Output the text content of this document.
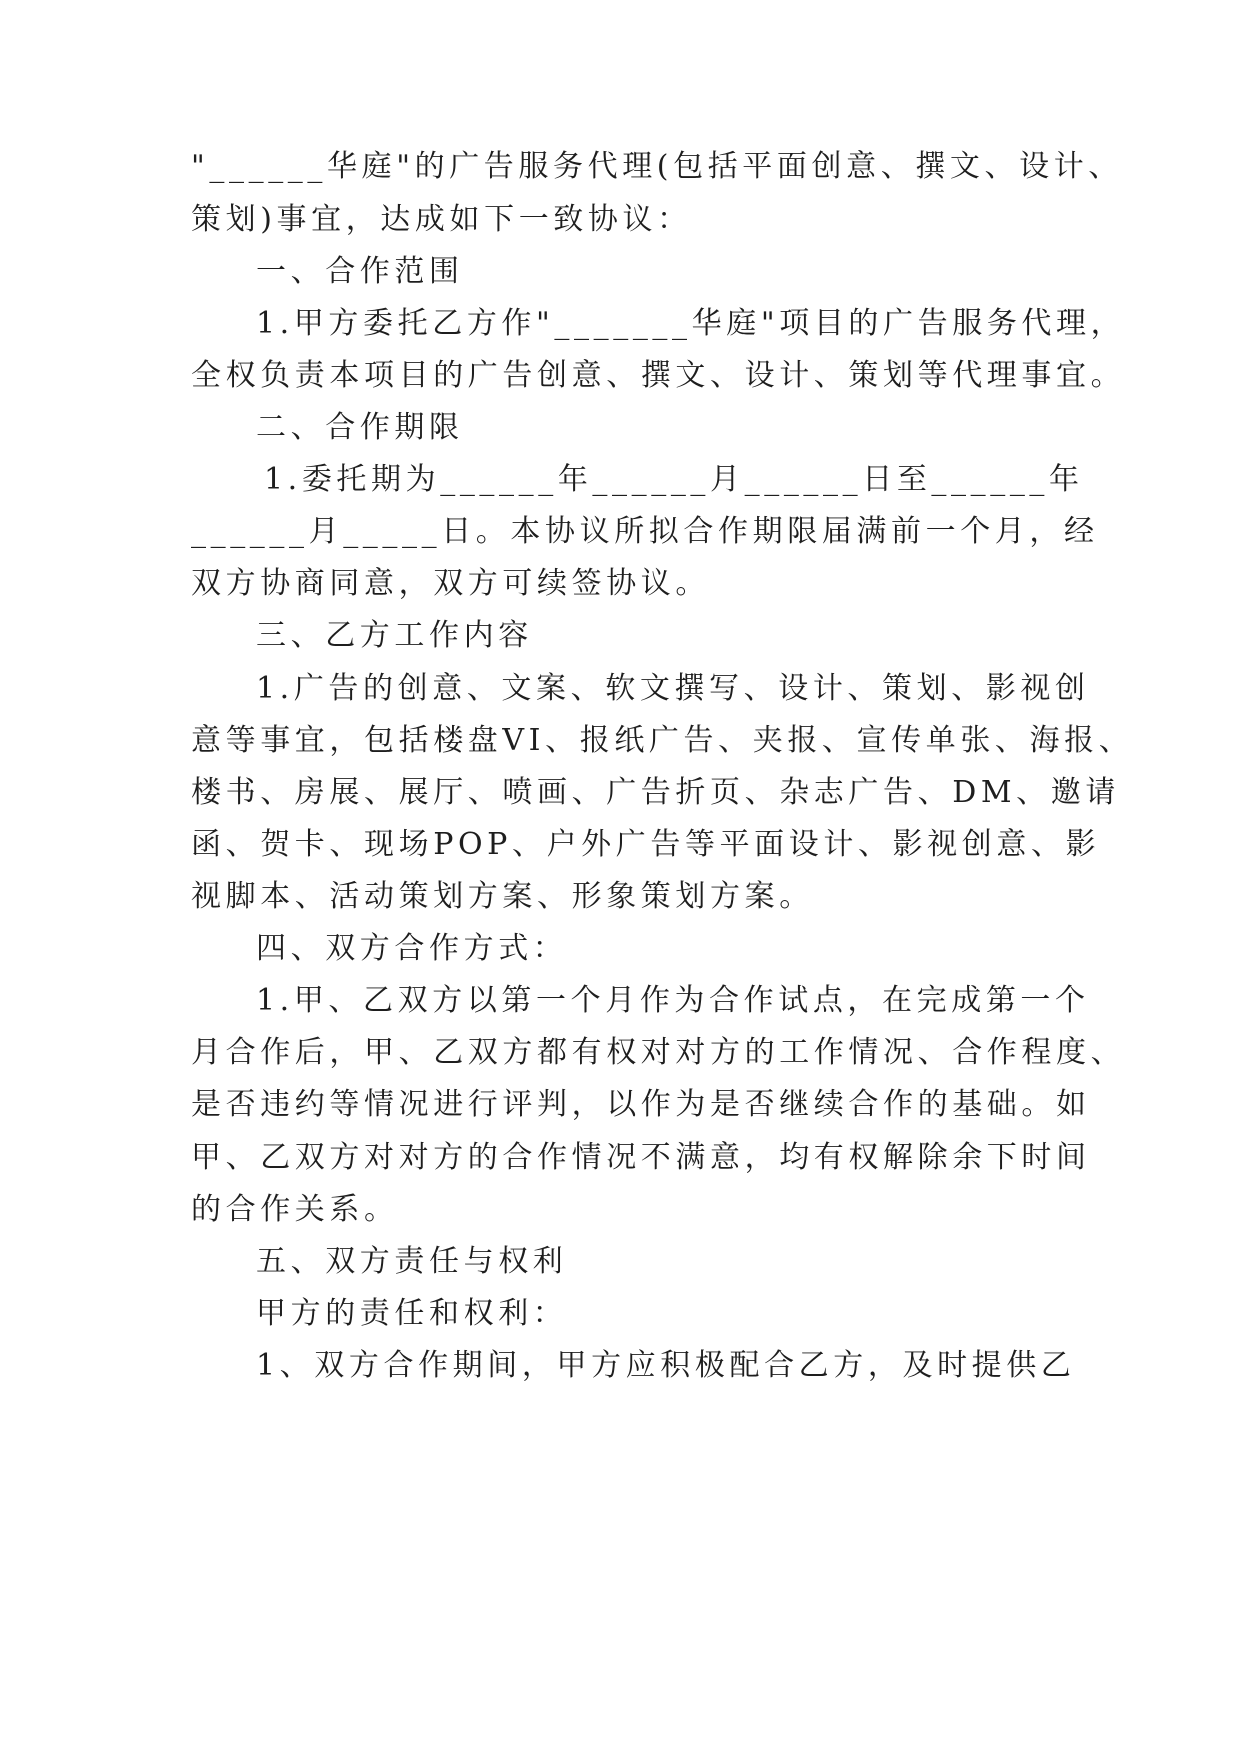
"______华庭"的广告服务代理(包括平面创意、撰文、设计、
策划)事宜，达成如下一致协议：
一、合作范围
1.甲方委托乙方作"_______华庭"项目的广告服务代理，
全权负责本项目的广告创意、撰文、设计、策划等代理事宜。
二、合作期限
1.委托期为______年______月______日至______年
______月_____日。本协议所拟合作期限届满前一个月，经
双方协商同意，双方可续签协议。
三、乙方工作内容
1.广告的创意、文案、软文撰写、设计、策划、影视创
意等事宜，包括楼盘VI、报纸广告、夹报、宣传单张、海报、
楼书、房展、展厅、喷画、广告折页、杂志广告、DM、邀请
函、贺卡、现场POP、户外广告等平面设计、影视创意、影
视脚本、活动策划方案、形象策划方案。
四、双方合作方式：
1.甲、乙双方以第一个月作为合作试点，在完成第一个
月合作后，甲、乙双方都有权对对方的工作情况、合作程度、
是否违约等情况进行评判，以作为是否继续合作的基础。如
甲、乙双方对对方的合作情况不满意，均有权解除余下时间
的合作关系。
五、双方责任与权利
甲方的责任和权利：
1、双方合作期间，甲方应积极配合乙方，及时提供乙
